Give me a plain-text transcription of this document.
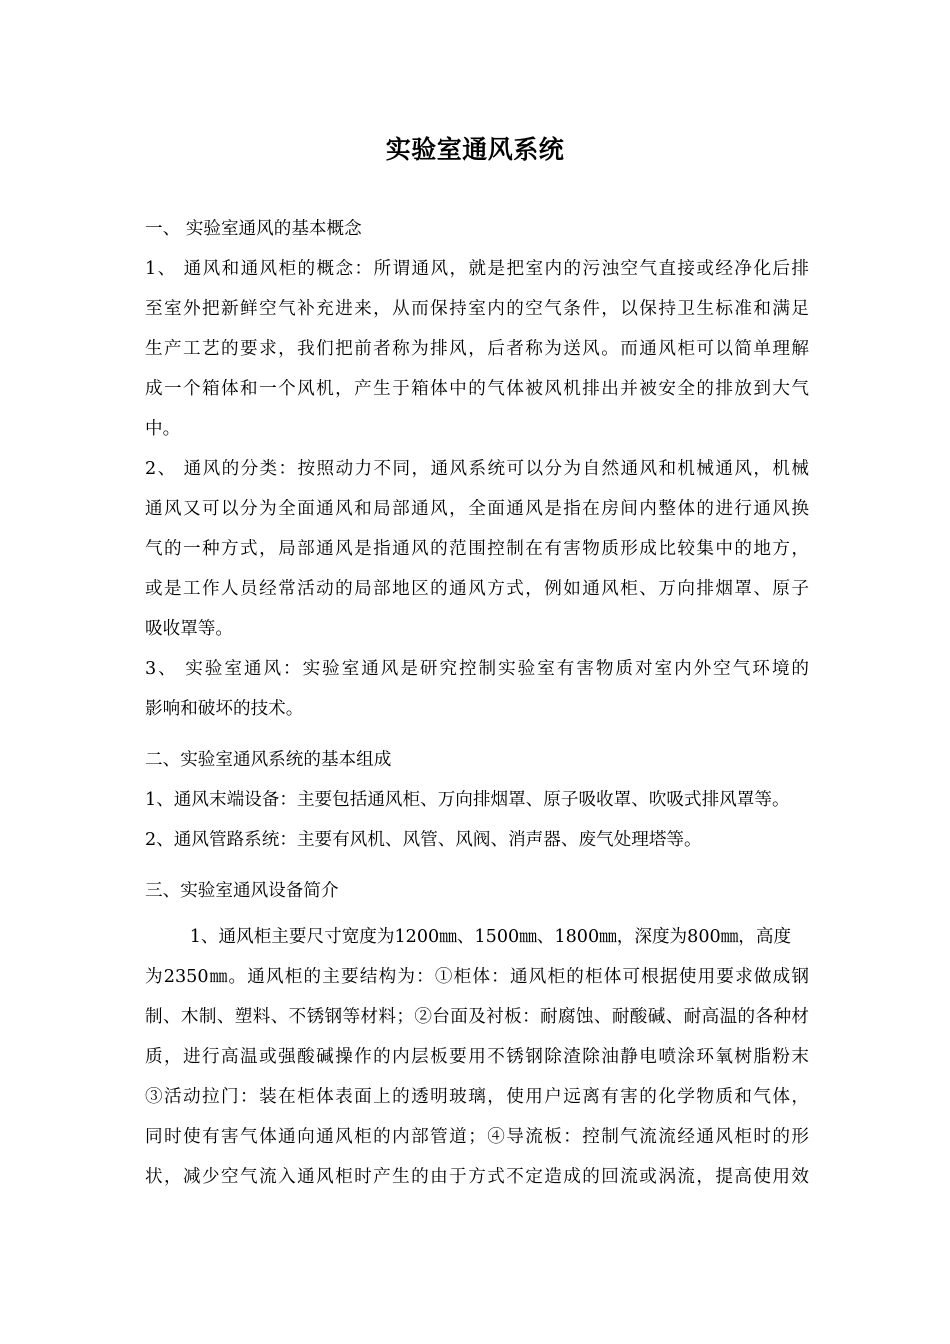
实验室通风系统
一、 实验室通风的基本概念
1、 通风和通风柜的概念：所谓通风，就是把室内的污浊空气直接或经净化后排
至室外把新鲜空气补充进来，从而保持室内的空气条件，以保持卫生标准和满足
生产工艺的要求，我们把前者称为排风，后者称为送风。而通风柜可以简单理解
成一个箱体和一个风机，产生于箱体中的气体被风机排出并被安全的排放到大气
中。
2、 通风的分类：按照动力不同，通风系统可以分为自然通风和机械通风，机械
通风又可以分为全面通风和局部通风，全面通风是指在房间内整体的进行通风换
气的一种方式，局部通风是指通风的范围控制在有害物质形成比较集中的地方，
或是工作人员经常活动的局部地区的通风方式，例如通风柜、万向排烟罩、原子
吸收罩等。
3、 实验室通风：实验室通风是研究控制实验室有害物质对室内外空气环境的
影响和破坏的技术。
二、实验室通风系统的基本组成
1、通风末端设备：主要包括通风柜、万向排烟罩、原子吸收罩、吹吸式排风罩等。
2、通风管路系统：主要有风机、风管、风阀、消声器、废气处理塔等。
三、实验室通风设备简介
1、通风柜主要尺寸宽度为1200㎜、1500㎜、1800㎜，深度为800㎜，高度
为2350㎜。通风柜的主要结构为：①柜体：通风柜的柜体可根据使用要求做成钢
制、木制、塑料、不锈钢等材料；②台面及衬板：耐腐蚀、耐酸碱、耐高温的各种材
质，进行高温或强酸碱操作的内层板要用不锈钢除渣除油静电喷涂环氧树脂粉末
③活动拉门：装在柜体表面上的透明玻璃，使用户远离有害的化学物质和气体，
同时使有害气体通向通风柜的内部管道；④导流板：控制气流流经通风柜时的形
状，减少空气流入通风柜时产生的由于方式不定造成的回流或涡流，提高使用效
